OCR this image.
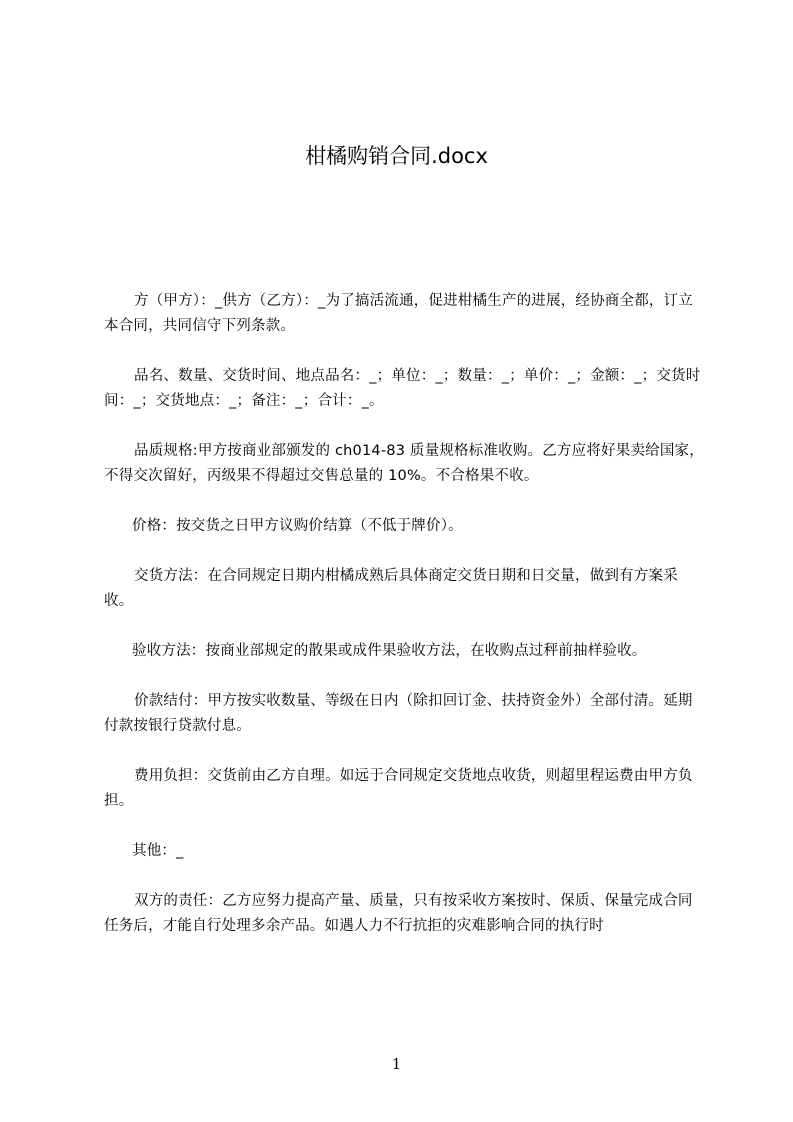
柑橘购销合同.docx

方（甲方）：_供方（乙方）：_为了搞活流通，促进柑橘生产的进展，经协商全都，订立本合同，共同信守下列条款。

品名、数量、交货时间、地点品名：_；单位：_；数量：_；单价：_；金额：_；交货时间：_；交货地点：_；备注：_；合计：_。

品质规格:甲方按商业部颁发的 ch014-83 质量规格标准收购。乙方应将好果卖给国家，不得交次留好，丙级果不得超过交售总量的 10%。不合格果不收。

价格：按交货之日甲方议购价结算（不低于牌价）。

交货方法：在合同规定日期内柑橘成熟后具体商定交货日期和日交量，做到有方案采收。

验收方法：按商业部规定的散果或成件果验收方法，在收购点过秤前抽样验收。

价款结付：甲方按实收数量、等级在日内（除扣回订金、扶持资金外）全部付清。延期付款按银行贷款付息。

费用负担：交货前由乙方自理。如远于合同规定交货地点收货，则超里程运费由甲方负担。

其他：_

双方的责任：乙方应努力提高产量、质量，只有按采收方案按时、保质、保量完成合同任务后，才能自行处理多余产品。如遇人力不行抗拒的灾难影响合同的执行时

1
